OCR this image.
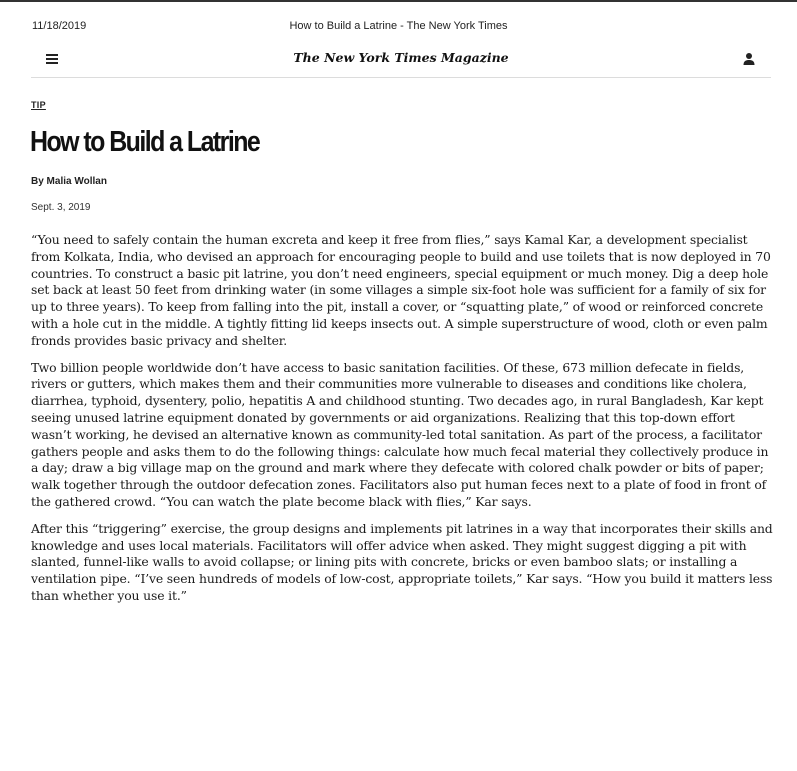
11/18/2019	How to Build a Latrine - The New York Times
The New York Times Magazine
TIP
How to Build a Latrine
By Malia Wollan
Sept. 3, 2019

“You need to safely contain the human excreta and keep it free from flies,” says Kamal Kar, a development specialist from Kolkata, India, who devised an approach for encouraging people to build and use toilets that is now deployed in 70 countries. To construct a basic pit latrine, you don’t need engineers, special equipment or much money. Dig a deep hole set back at least 50 feet from drinking water (in some villages a simple six-foot hole was sufficient for a family of six for up to three years). To keep from falling into the pit, install a cover, or “squatting plate,” of wood or reinforced concrete with a hole cut in the middle. A tightly fitting lid keeps insects out. A simple superstructure of wood, cloth or even palm fronds provides basic privacy and shelter.

Two billion people worldwide don’t have access to basic sanitation facilities. Of these, 673 million defecate in fields, rivers or gutters, which makes them and their communities more vulnerable to diseases and conditions like cholera, diarrhea, typhoid, dysentery, polio, hepatitis A and childhood stunting. Two decades ago, in rural Bangladesh, Kar kept seeing unused latrine equipment donated by governments or aid organizations. Realizing that this top-down effort wasn’t working, he devised an alternative known as community-led total sanitation. As part of the process, a facilitator gathers people and asks them to do the following things: calculate how much fecal material they collectively produce in a day; draw a big village map on the ground and mark where they defecate with colored chalk powder or bits of paper; walk together through the outdoor defecation zones. Facilitators also put human feces next to a plate of food in front of the gathered crowd. “You can watch the plate become black with flies,” Kar says.

After this “triggering” exercise, the group designs and implements pit latrines in a way that incorporates their skills and knowledge and uses local materials. Facilitators will offer advice when asked. They might suggest digging a pit with slanted, funnel-like walls to avoid collapse; or lining pits with concrete, bricks or even bamboo slats; or installing a ventilation pipe. “I’ve seen hundreds of models of low-cost, appropriate toilets,” Kar says. “How you build it matters less than whether you use it.”
